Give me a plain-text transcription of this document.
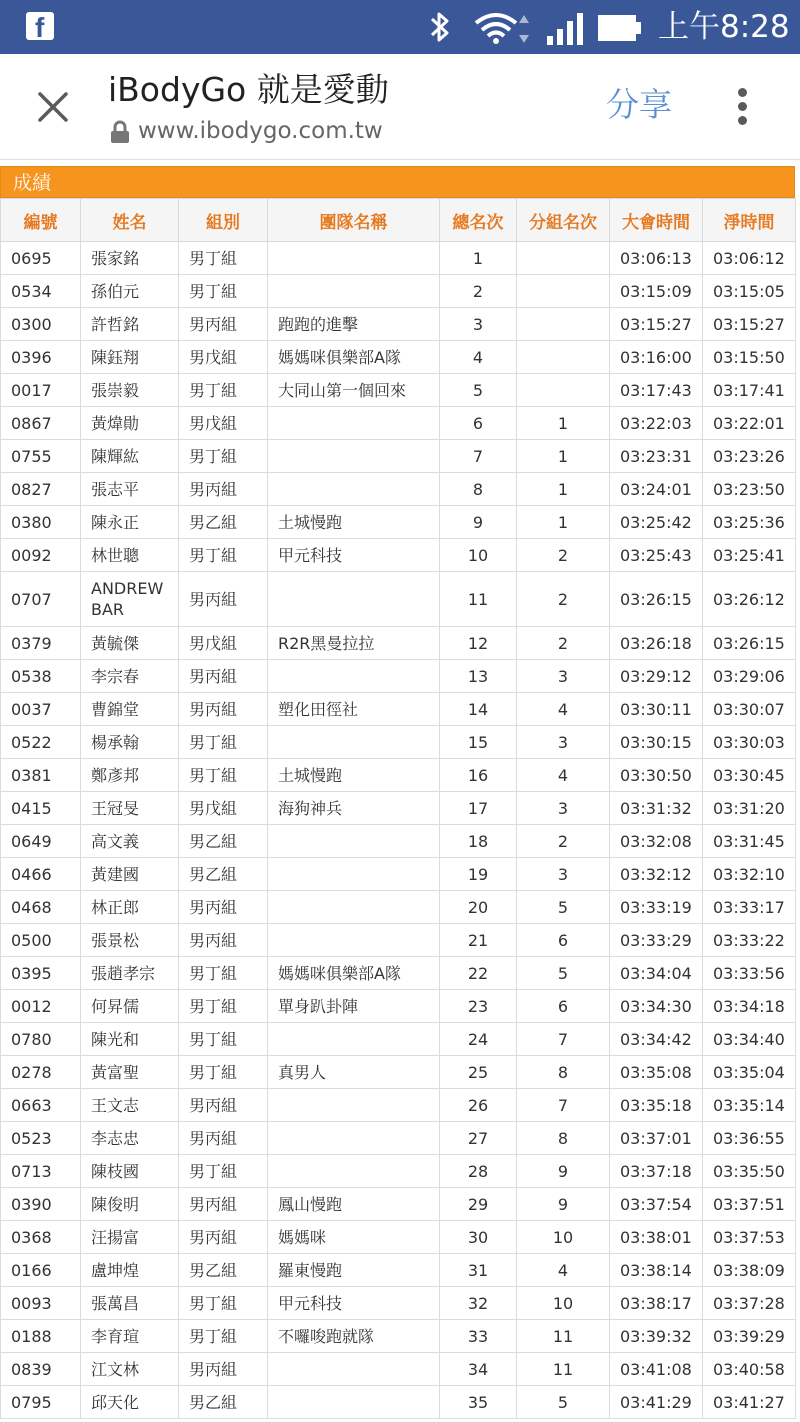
f	上午8:28
iBodyGo 就是愛動
www.ibodygo.com.tw
分享
成績
編號	姓名	組別	團隊名稱	總名次	分組名次	大會時間	淨時間
0695	張家銘	男丁組		1		03:06:13	03:06:12
0534	孫伯元	男丁組		2		03:15:09	03:15:05
0300	許哲銘	男丙組	跑跑的進擊	3		03:15:27	03:15:27
0396	陳鈺翔	男戊組	媽媽咪俱樂部A隊	4		03:16:00	03:15:50
0017	張崇毅	男丁組	大同山第一個回來	5		03:17:43	03:17:41
0867	黃煒勛	男戊組		6	1	03:22:03	03:22:01
0755	陳輝紘	男丁組		7	1	03:23:31	03:23:26
0827	張志平	男丙組		8	1	03:24:01	03:23:50
0380	陳永正	男乙組	土城慢跑	9	1	03:25:42	03:25:36
0092	林世聰	男丁組	甲元科技	10	2	03:25:43	03:25:41
0707	ANDREW BAR	男丙組		11	2	03:26:15	03:26:12
0379	黃毓傑	男戊組	R2R黑曼拉拉	12	2	03:26:18	03:26:15
0538	李宗春	男丙組		13	3	03:29:12	03:29:06
0037	曹錦堂	男丙組	塑化田徑社	14	4	03:30:11	03:30:07
0522	楊承翰	男丁組		15	3	03:30:15	03:30:03
0381	鄭彥邦	男丁組	土城慢跑	16	4	03:30:50	03:30:45
0415	王冠旻	男戊組	海狗神兵	17	3	03:31:32	03:31:20
0649	高文義	男乙組		18	2	03:32:08	03:31:45
0466	黃建國	男乙組		19	3	03:32:12	03:32:10
0468	林正郎	男丙組		20	5	03:33:19	03:33:17
0500	張景松	男丙組		21	6	03:33:29	03:33:22
0395	張趙孝宗	男丁組	媽媽咪俱樂部A隊	22	5	03:34:04	03:33:56
0012	何昇儒	男丁組	單身趴卦陣	23	6	03:34:30	03:34:18
0780	陳光和	男丁組		24	7	03:34:42	03:34:40
0278	黃富聖	男丁組	真男人	25	8	03:35:08	03:35:04
0663	王文志	男丙組		26	7	03:35:18	03:35:14
0523	李志忠	男丙組		27	8	03:37:01	03:36:55
0713	陳枝國	男丁組		28	9	03:37:18	03:35:50
0390	陳俊明	男丙組	鳳山慢跑	29	9	03:37:54	03:37:51
0368	汪揚富	男丙組	媽媽咪	30	10	03:38:01	03:37:53
0166	盧坤煌	男乙組	羅東慢跑	31	4	03:38:14	03:38:09
0093	張萬昌	男丁組	甲元科技	32	10	03:38:17	03:37:28
0188	李育瑄	男丁組	不囉唆跑就隊	33	11	03:39:32	03:39:29
0839	江文林	男丙組		34	11	03:41:08	03:40:58
0795	邱天化	男乙組		35	5	03:41:29	03:41:27
